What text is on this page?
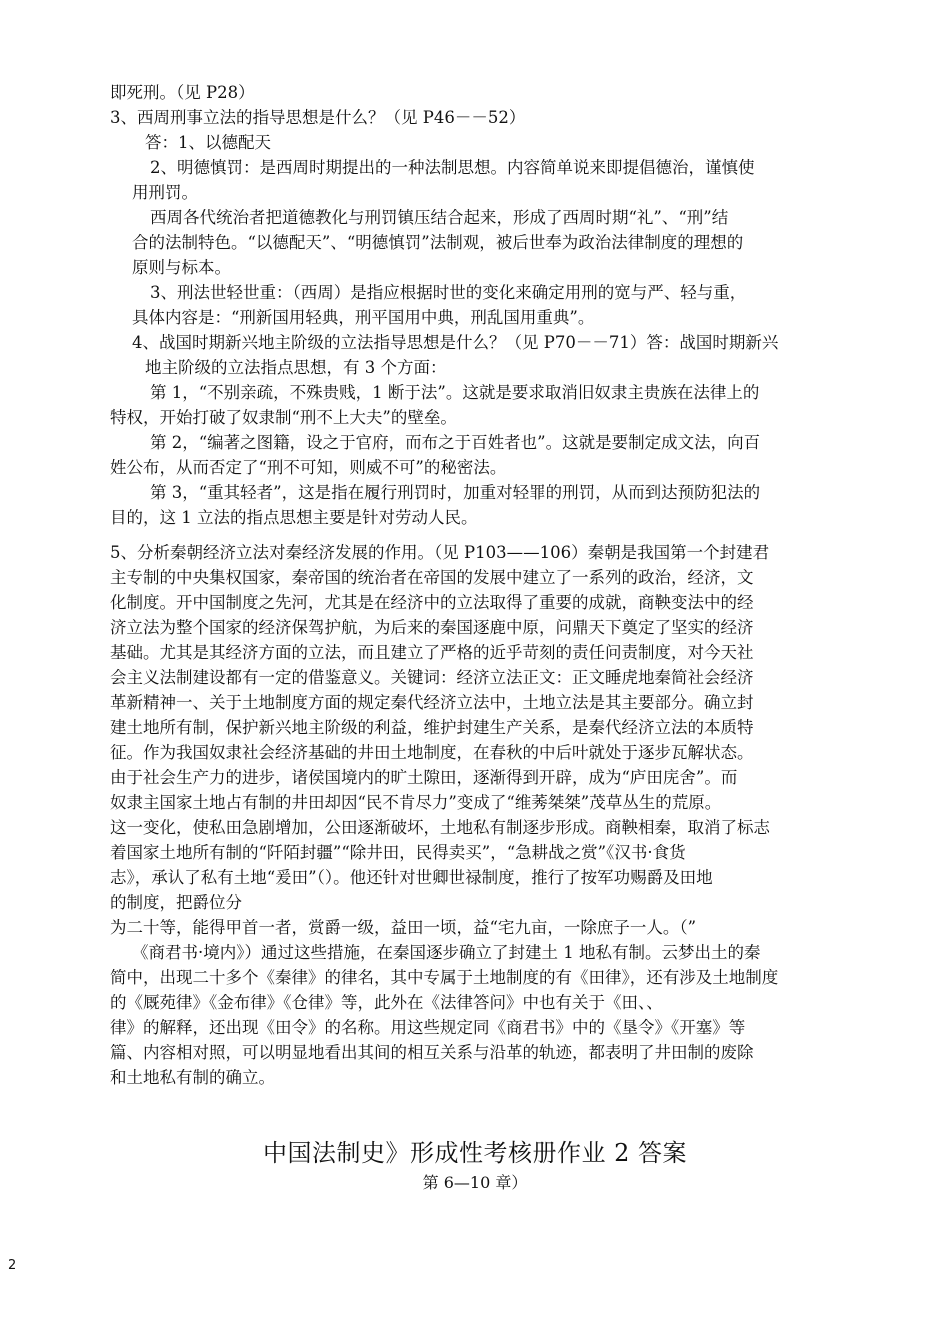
即死刑。（见 P28）

3、西周刑事立法的指导思想是什么？（见 P46－－52）

答：1、以德配天

2、明德慎罚：是西周时期提出的一种法制思想。内容简单说来即提倡德治，谨慎使

用刑罚。

西周各代统治者把道德教化与刑罚镇压结合起来，形成了西周时期“礼”、“刑”结

合的法制特色。“以德配天”、“明德慎罚”法制观，被后世奉为政治法律制度的理想的

原则与标本。

3、刑法世轻世重：（西周）是指应根据时世的变化来确定用刑的宽与严、轻与重，

具体内容是：“刑新国用轻典，刑平国用中典，刑乱国用重典”。

4、战国时期新兴地主阶级的立法指导思想是什么？（见 P70－－71）答：战国时期新兴

地主阶级的立法指点思想，有 3 个方面：

第 1，“不别亲疏，不殊贵贱，1 断于法”。这就是要求取消旧奴隶主贵族在法律上的

特权，开始打破了奴隶制“刑不上大夫”的壁垒。

第 2，“编著之图籍，设之于官府，而布之于百姓者也”。这就是要制定成文法，向百

姓公布，从而否定了“刑不可知，则威不可”的秘密法。

第 3，“重其轻者”，这是指在履行刑罚时，加重对轻罪的刑罚，从而到达预防犯法的

目的，这 1 立法的指点思想主要是针对劳动人民。

5、分析秦朝经济立法对秦经济发展的作用。（见 P103——106）秦朝是我国第一个封建君

主专制的中央集权国家，秦帝国的统治者在帝国的发展中建立了一系列的政治，经济，文

化制度。开中国制度之先河，尤其是在经济中的立法取得了重要的成就，商鞅变法中的经

济立法为整个国家的经济保驾护航，为后来的秦国逐鹿中原，问鼎天下奠定了坚实的经济

基础。尤其是其经济方面的立法，而且建立了严格的近乎苛刻的责任问责制度，对今天社

会主义法制建设都有一定的借鉴意义。关键词：经济立法正文：正文睡虎地秦简社会经济

革新精神一、关于土地制度方面的规定秦代经济立法中，土地立法是其主要部分。确立封

建土地所有制，保护新兴地主阶级的利益，维护封建生产关系，是秦代经济立法的本质特

征。作为我国奴隶社会经济基础的井田土地制度，在春秋的中后叶就处于逐步瓦解状态。

由于社会生产力的进步，诸侯国境内的旷土隙田，逐渐得到开辟，成为“庐田庑舍”。而

奴隶主国家土地占有制的井田却因“民不肯尽力”变成了“维莠桀桀”茂草丛生的荒原。

这一变化，使私田急剧增加，公田逐渐破坏，土地私有制逐步形成。商鞅相秦，取消了标志

着国家土地所有制的“阡陌封疆”“除井田，民得卖买”，“急耕战之赏”《汉书·食货

志》，承认了私有土地“爰田”（）。他还针对世卿世禄制度，推行了按军功赐爵及田地

的制度，把爵位分

为二十等，能得甲首一者，赏爵一级，益田一顷，益“宅九亩，一除庶子一人。（”

《商君书·境内》）通过这些措施，在秦国逐步确立了封建土 1 地私有制。云梦出土的秦

简中，出现二十多个《秦律》的律名，其中专属于土地制度的有《田律》，还有涉及土地制度

的《厩苑律》《金布律》《仓律》等，此外在《法律答问》中也有关于《田、、

律》的解释，还出现《田令》的名称。用这些规定同《商君书》中的《垦令》《开塞》等

篇、内容相对照，可以明显地看出其间的相互关系与沿革的轨迹，都表明了井田制的废除

和土地私有制的确立。

中国法制史》形成性考核册作业 2 答案
第 6—10 章）
2
